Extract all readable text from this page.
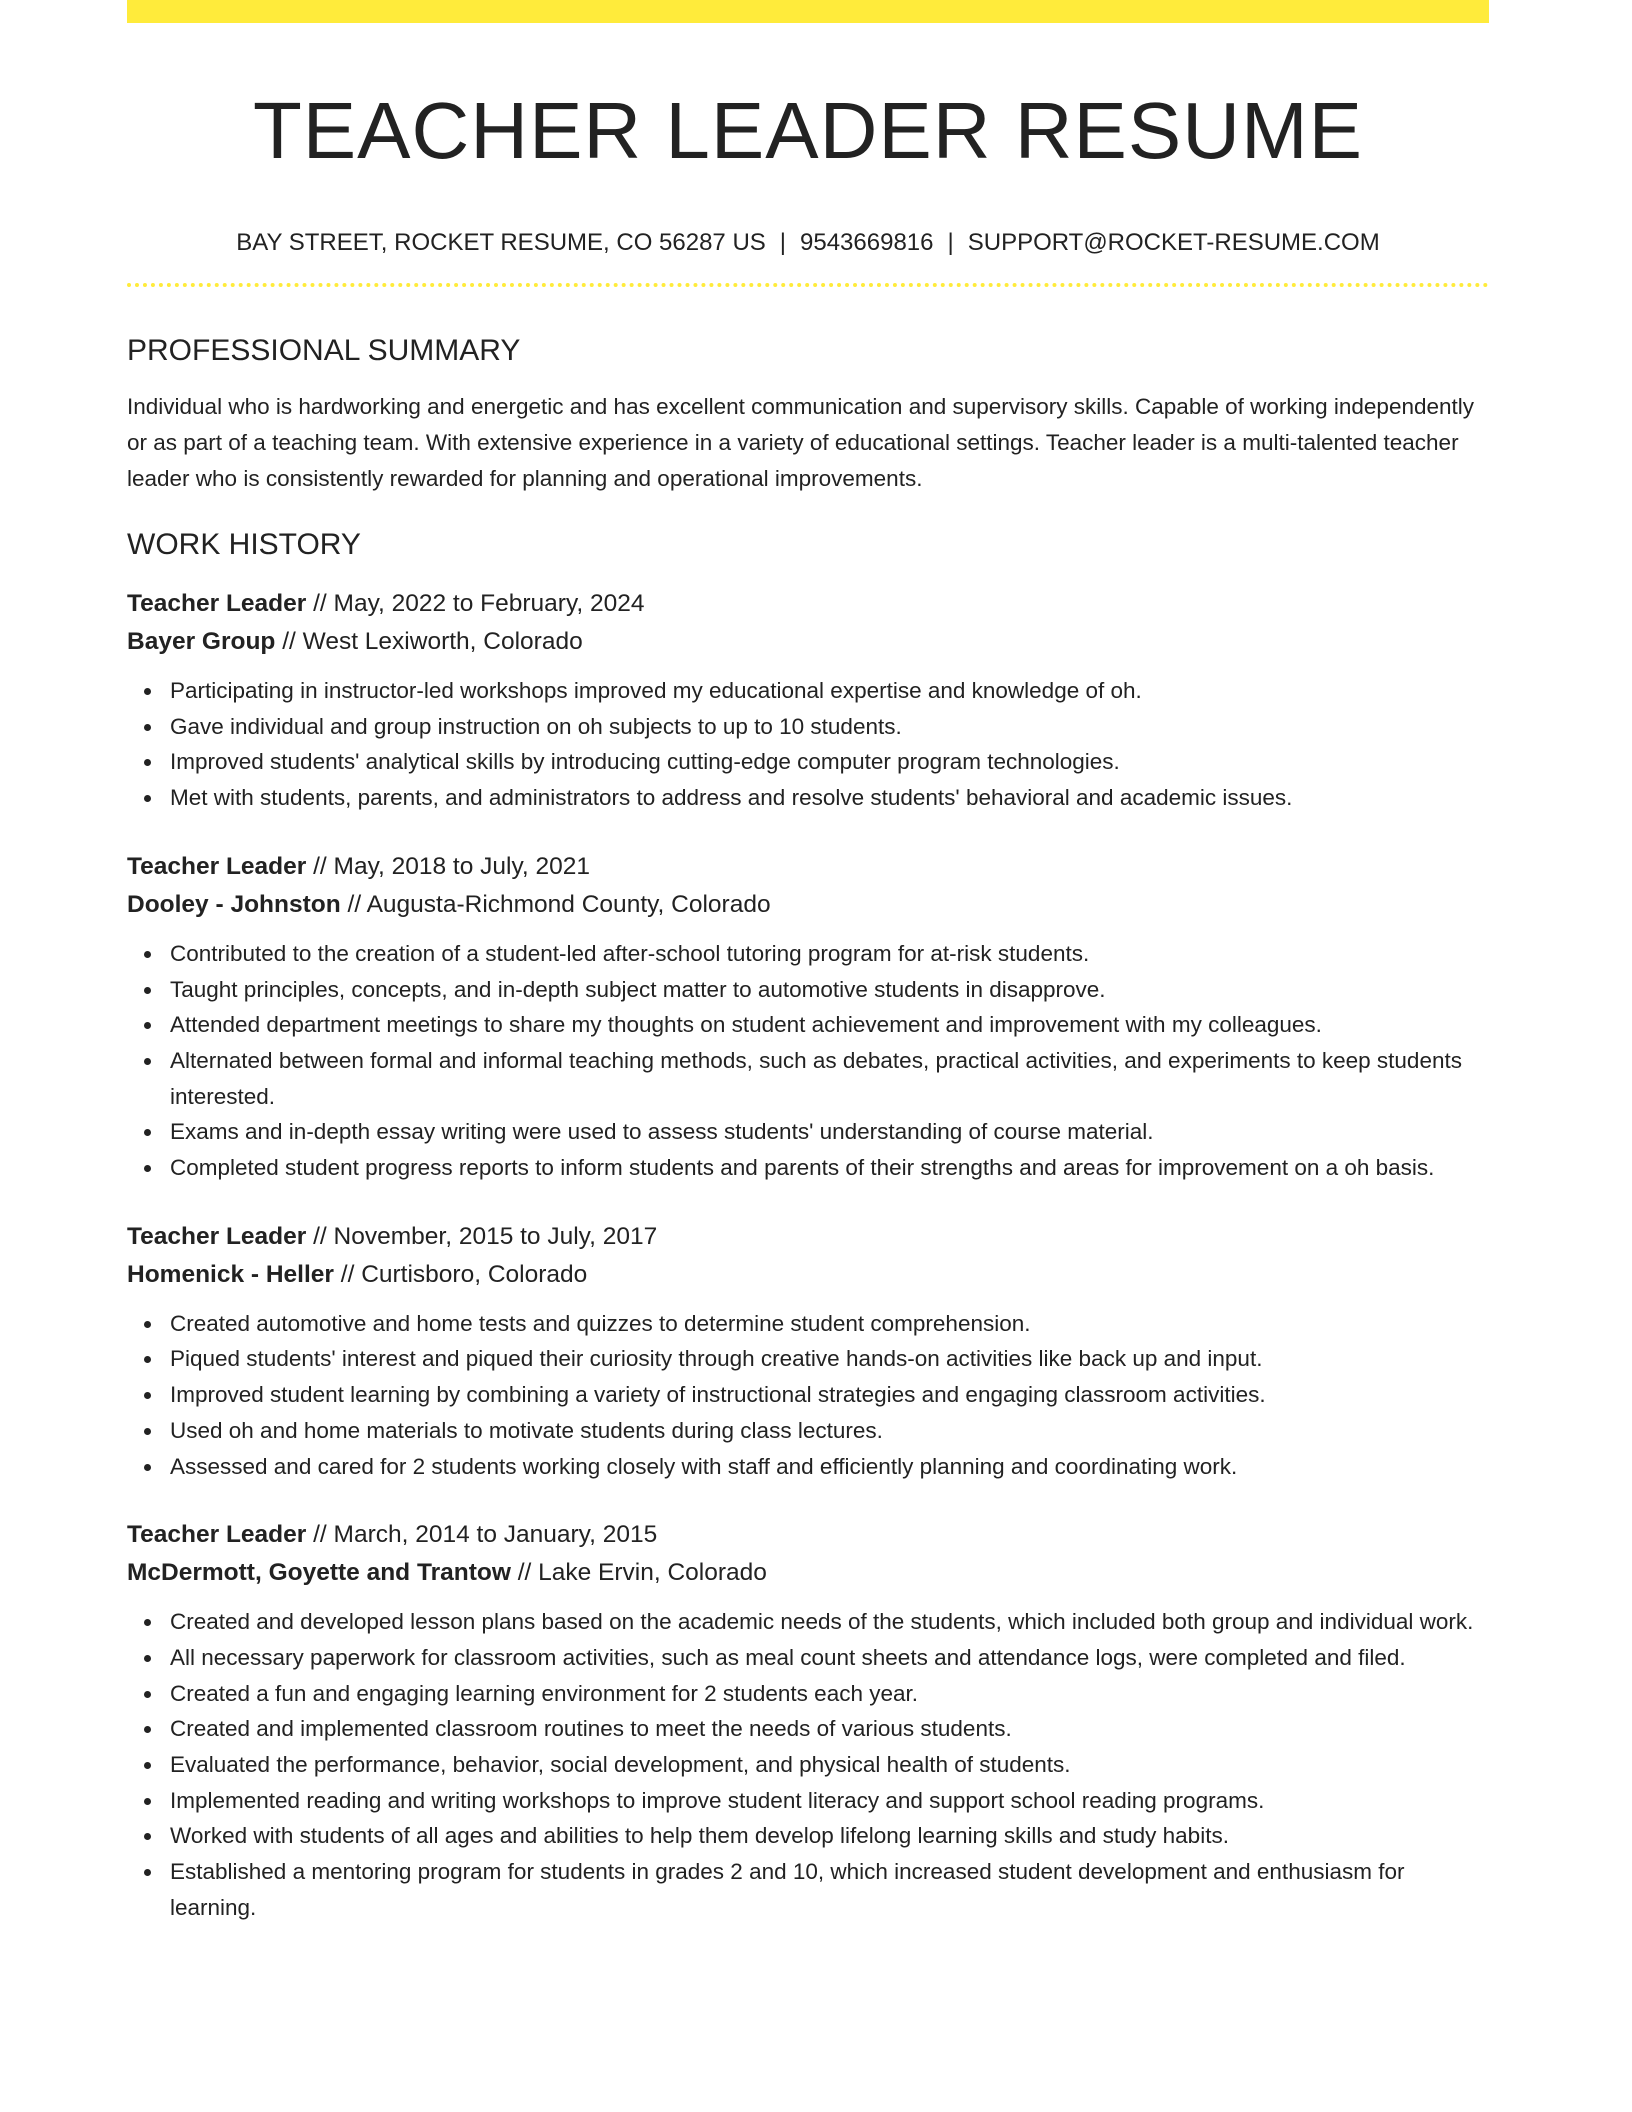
TEACHER LEADER RESUME
BAY STREET, ROCKET RESUME, CO 56287 US | 9543669816 | SUPPORT@ROCKET-RESUME.COM
PROFESSIONAL SUMMARY
Individual who is hardworking and energetic and has excellent communication and supervisory skills. Capable of working independently or as part of a teaching team. With extensive experience in a variety of educational settings. Teacher leader is a multi-talented teacher leader who is consistently rewarded for planning and operational improvements.
WORK HISTORY
Teacher Leader // May, 2022 to February, 2024
Bayer Group // West Lexiworth, Colorado
Participating in instructor-led workshops improved my educational expertise and knowledge of oh.
Gave individual and group instruction on oh subjects to up to 10 students.
Improved students' analytical skills by introducing cutting-edge computer program technologies.
Met with students, parents, and administrators to address and resolve students' behavioral and academic issues.
Teacher Leader // May, 2018 to July, 2021
Dooley - Johnston // Augusta-Richmond County, Colorado
Contributed to the creation of a student-led after-school tutoring program for at-risk students.
Taught principles, concepts, and in-depth subject matter to automotive students in disapprove.
Attended department meetings to share my thoughts on student achievement and improvement with my colleagues.
Alternated between formal and informal teaching methods, such as debates, practical activities, and experiments to keep students interested.
Exams and in-depth essay writing were used to assess students' understanding of course material.
Completed student progress reports to inform students and parents of their strengths and areas for improvement on a oh basis.
Teacher Leader // November, 2015 to July, 2017
Homenick - Heller // Curtisboro, Colorado
Created automotive and home tests and quizzes to determine student comprehension.
Piqued students' interest and piqued their curiosity through creative hands-on activities like back up and input.
Improved student learning by combining a variety of instructional strategies and engaging classroom activities.
Used oh and home materials to motivate students during class lectures.
Assessed and cared for 2 students working closely with staff and efficiently planning and coordinating work.
Teacher Leader // March, 2014 to January, 2015
McDermott, Goyette and Trantow // Lake Ervin, Colorado
Created and developed lesson plans based on the academic needs of the students, which included both group and individual work.
All necessary paperwork for classroom activities, such as meal count sheets and attendance logs, were completed and filed.
Created a fun and engaging learning environment for 2 students each year.
Created and implemented classroom routines to meet the needs of various students.
Evaluated the performance, behavior, social development, and physical health of students.
Implemented reading and writing workshops to improve student literacy and support school reading programs.
Worked with students of all ages and abilities to help them develop lifelong learning skills and study habits.
Established a mentoring program for students in grades 2 and 10, which increased student development and enthusiasm for learning.
